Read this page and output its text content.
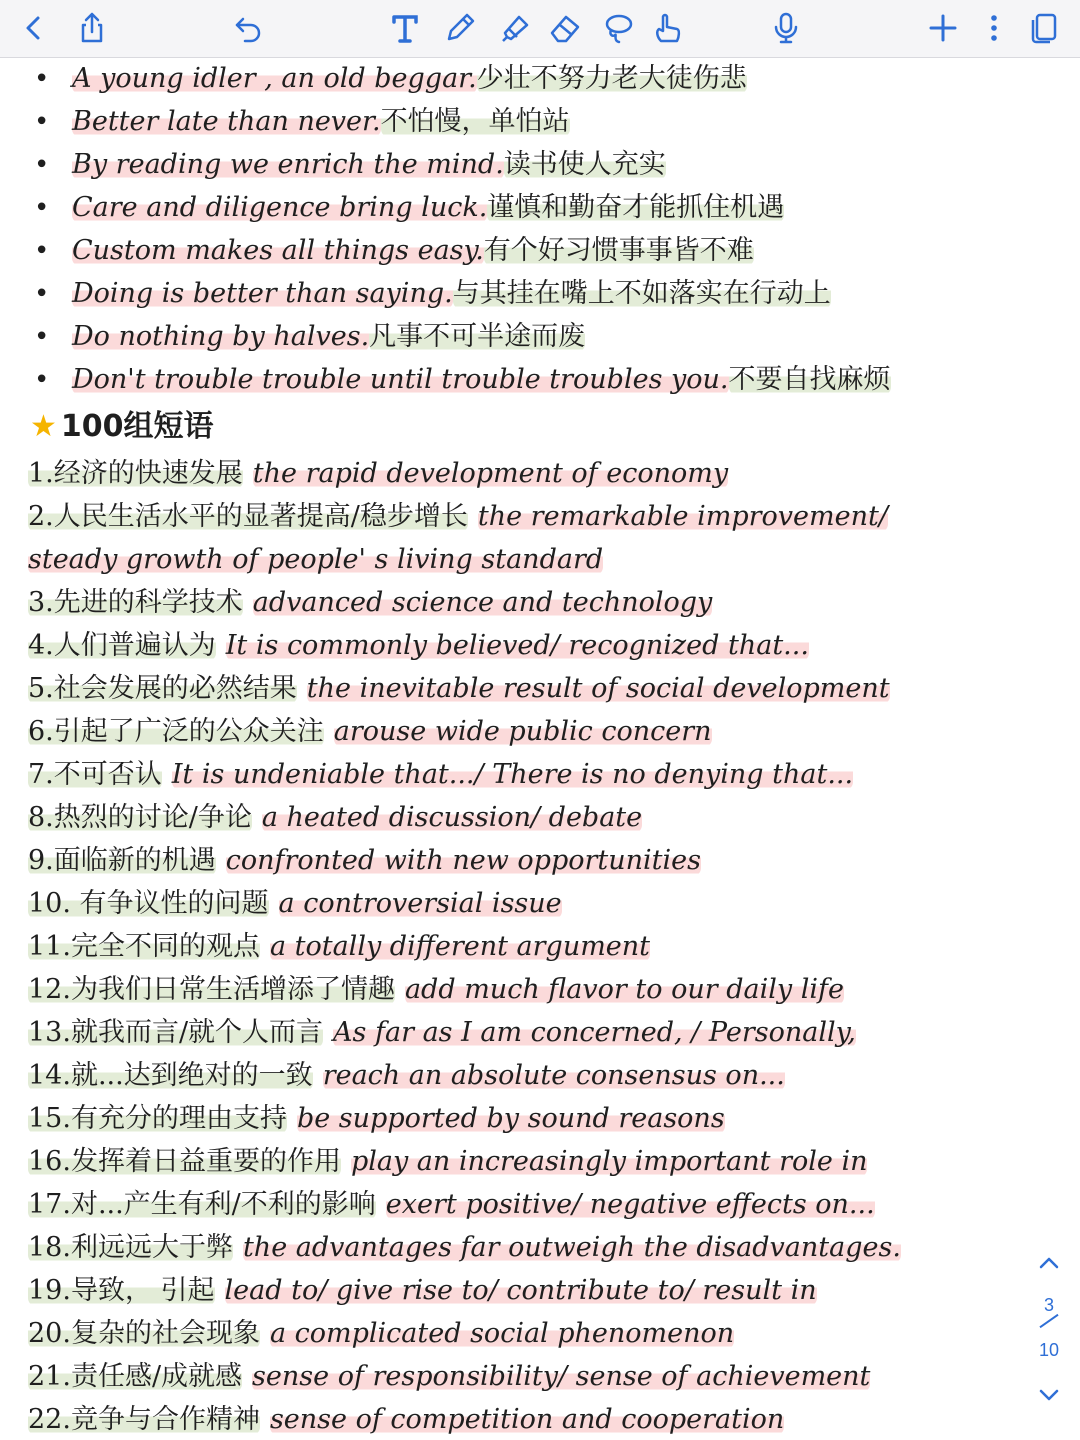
• A young idler , an old beggar.少壮不努力老大徒伤悲
• Better late than never.不怕慢，单怕站
• By reading we enrich the mind.读书使人充实
• Care and diligence bring luck.谨慎和勤奋才能抓住机遇
• Custom makes all things easy.有个好习惯事事皆不难
• Doing is better than saying.与其挂在嘴上不如落实在行动上
• Do nothing by halves.凡事不可半途而废
• Don't trouble trouble until trouble troubles you.不要自找麻烦
★ 100组短语
1.经济的快速发展 the rapid development of economy
2.人民生活水平的显著提高/稳步增长 the remarkable improvement/
steady growth of people' s living standard
3.先进的科学技术 advanced science and technology
4.人们普遍认为 It is commonly believed/ recognized that...
5.社会发展的必然结果 the inevitable result of social development
6.引起了广泛的公众关注 arouse wide public concern
7.不可否认 It is undeniable that.../ There is no denying that...
8.热烈的讨论/争论 a heated discussion/ debate
9.面临新的机遇 confronted with new opportunities
10. 有争议性的问题 a controversial issue
11.完全不同的观点 a totally different argument
12.为我们日常生活增添了情趣 add much flavor to our daily life
13.就我而言/就个人而言 As far as I am concerned, / Personally,
14.就...达到绝对的一致 reach an absolute consensus on...
15.有充分的理由支持 be supported by sound reasons
16.发挥着日益重要的作用 play an increasingly important role in
17.对...产生有利/不利的影响 exert positive/ negative effects on...
18.利远远大于弊 the advantages far outweigh the disadvantages.
19.导致， 引起 lead to/ give rise to/ contribute to/ result in
20.复杂的社会现象 a complicated social phenomenon
21.责任感/成就感 sense of responsibility/ sense of achievement
22.竞争与合作精神 sense of competition and cooperation
3
10
